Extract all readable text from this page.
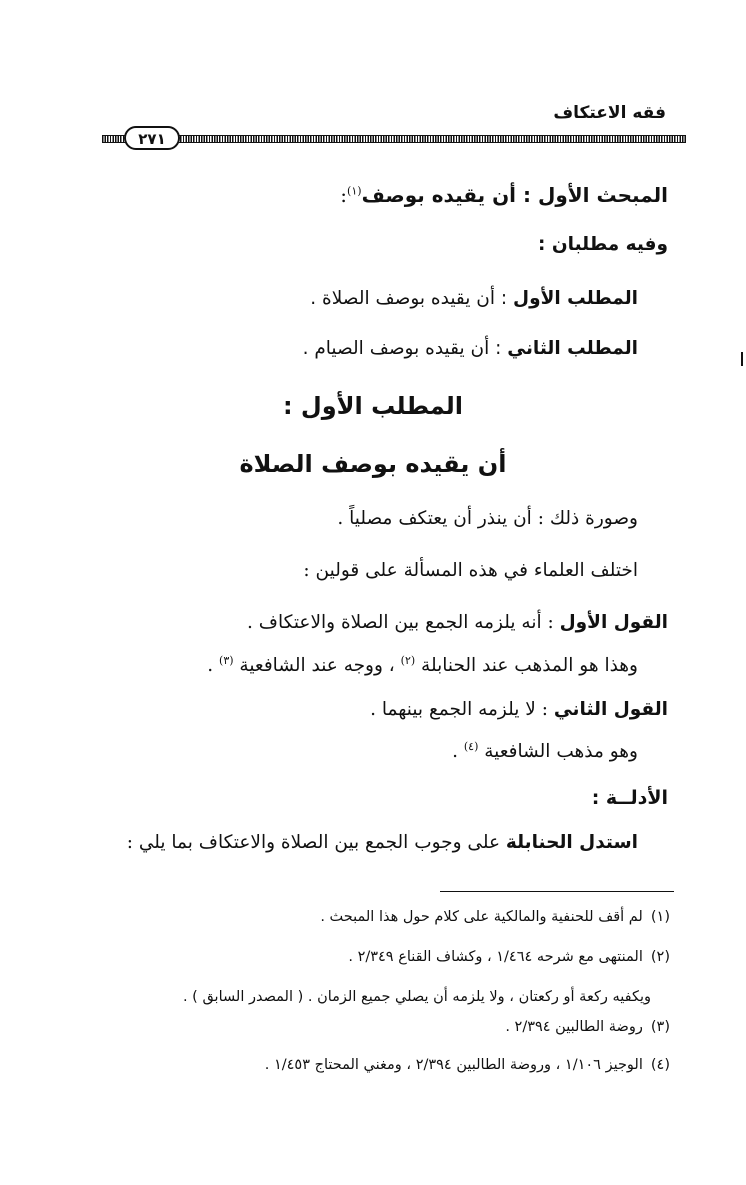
فقه الاعتكاف
٢٧١
المبحث الأول : أن يقيده بوصف$^{(١)}$:
وفيه مطلبان :
المطلب الأول : أن يقيده بوصف الصلاة .
المطلب الثاني : أن يقيده بوصف الصيام .
المطلب الأول :
أن يقيده بوصف الصلاة
وصورة ذلك : أن ينذر أن يعتكف مصلياً .
اختلف العلماء في هذه المسألة على قولين :
القول الأول : أنه يلزمه الجمع بين الصلاة والاعتكاف .
وهذا هو المذهب عند الحنابلة $^{(٢)}$ ، ووجه عند الشافعية $^{(٣)}$ .
القول الثاني : لا يلزمه الجمع بينهما .
وهو مذهب الشافعية $^{(٤)}$ .
الأدلــة :
استدل الحنابلة على وجوب الجمع بين الصلاة والاعتكاف بما يلي :
(١)لم أقف للحنفية والمالكية على كلام حول هذا المبحث .
(٢)المنتهى مع شرحه ١/٤٦٤ ، وكشاف القناع ٢/٣٤٩ .
ويكفيه ركعة أو ركعتان ، ولا يلزمه أن يصلي جميع الزمان . ( المصدر السابق ) .
(٣)روضة الطالبين ٢/٣٩٤ .
(٤)الوجيز ١/١٠٦ ، وروضة الطالبين ٢/٣٩٤ ، ومغني المحتاج ١/٤٥٣ .
